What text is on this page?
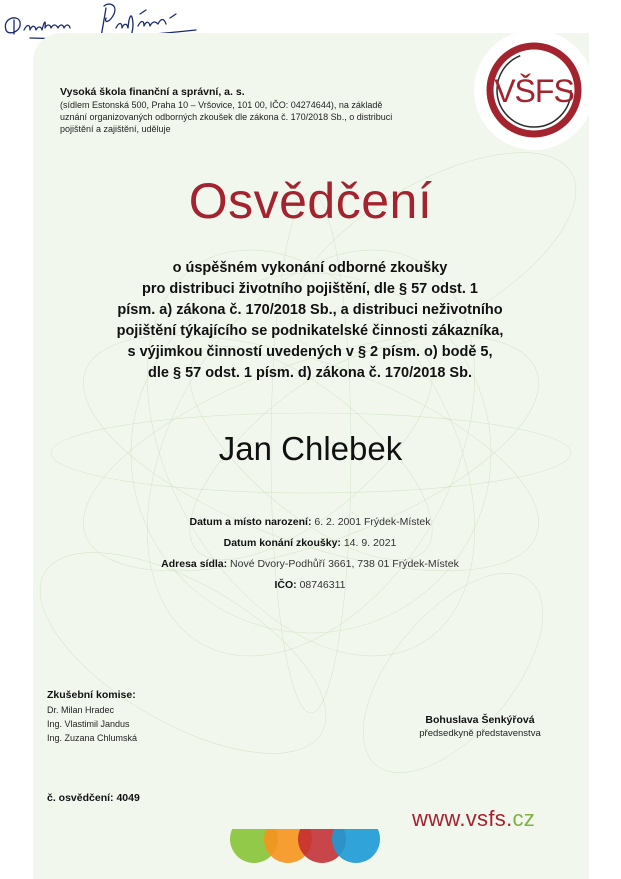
VŠFS
Vysoká škola finanční a správní, a. s.
(sídlem Estonská 500, Praha 10 – Vršovice, 101 00, IČO: 04274644), na základě
uznání organizovaných odborných zkoušek dle zákona č. 170/2018 Sb., o distribuci
pojištění a zajištění, uděluje
Osvědčení
o úspěšném vykonání odborné zkoušky
pro distribuci životního pojištění, dle § 57 odst. 1
písm. a) zákona č. 170/2018 Sb., a distribuci neživotního
pojištění týkajícího se podnikatelské činnosti zákazníka,
s výjimkou činností uvedených v § 2 písm. o) bodě 5,
dle § 57 odst. 1 písm. d) zákona č. 170/2018 Sb.
Jan Chlebek
Datum a místo narození: 6. 2. 2001 Frýdek-Místek
Datum konání zkoušky: 14. 9. 2021
Adresa sídla: Nové Dvory-Podhůří 3661, 738 01 Frýdek-Místek
IČO: 08746311
Zkušební komise:
Dr. Milan Hradec
Ing. Vlastimil Jandus
Ing. Zuzana Chlumská
Bohuslava Šenkýřová
předsedkyně představenstva
č. osvědčení: 4049
www.vsfs.cz
